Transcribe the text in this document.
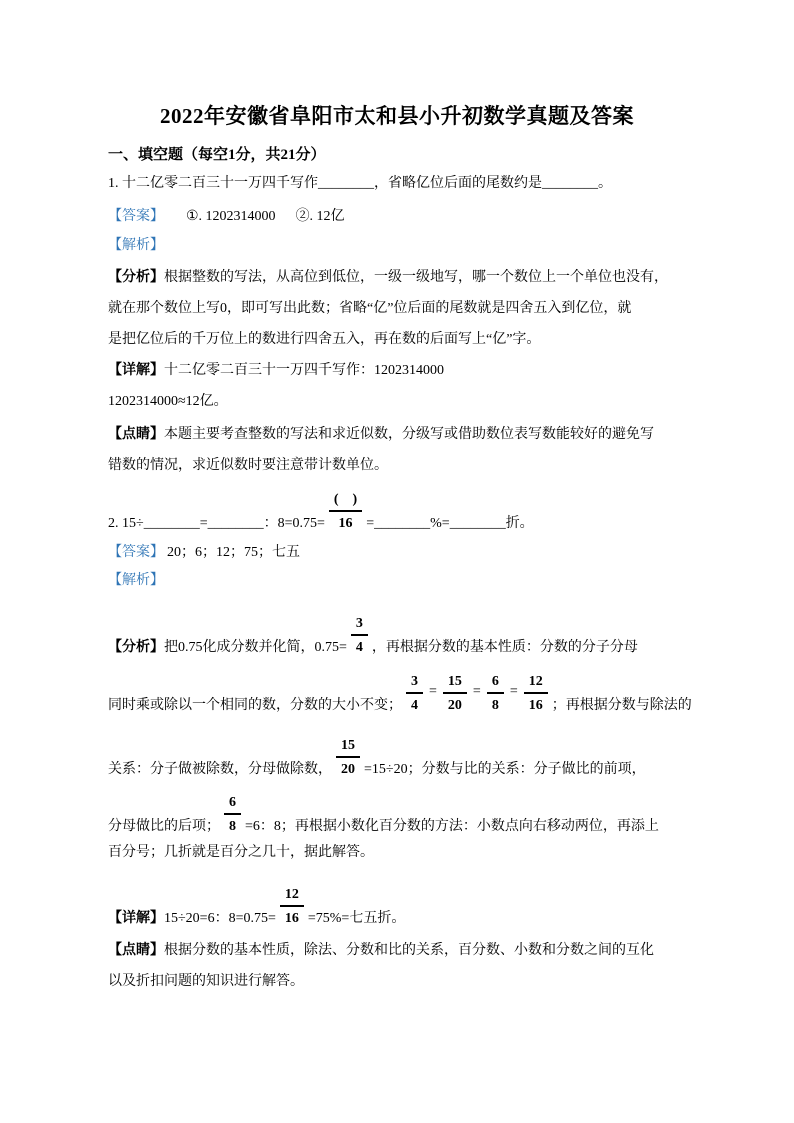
2022年安徽省阜阳市太和县小升初数学真题及答案
一、填空题（每空1分，共21分）
1. 十二亿零二百三十一万四千写作________，省略亿位后面的尾数约是________。
【答案】 ①. 1202314000 ②. 12亿
【解析】
【分析】根据整数的写法，从高位到低位，一级一级地写，哪一个数位上一个单位也没有，
就在那个数位上写0，即可写出此数；省略“亿”位后面的尾数就是四舍五入到亿位，就
是把亿位后的千万位上的数进行四舍五入，再在数的后面写上“亿”字。
【详解】十二亿零二百三十一万四千写作：1202314000
1202314000≈12亿。
【点睛】本题主要考查整数的写法和求近似数，分级写或借助数位表写数能较好的避免写
错数的情况，求近似数时要注意带计数单位。
2. 15÷________=________：$8=0.75= \frac{( )}{16}$ =________%=________折。
【答案】 20；6；12；75；七五
【解析】
【分析】把0.75化成分数并化简，$0.75= \frac{3}{4}$ ，再根据分数的基本性质：分数的分子分母
同时乘或除以一个相同的数，分数的大小不变； $\frac{3}{4} = \frac{15}{20} = \frac{6}{8} = \frac{12}{16}$ ；再根据分数与除法的
关系：分子做被除数，分母做除数， $\frac{15}{20} =15\div 20$；分数与比的关系：分子做比的前项，
分母做比的后项； $\frac{6}{8} =6$：8；再根据小数化百分数的方法：小数点向右移动两位，再添上
百分号；几折就是百分之几十，据此解答。
【详解】15÷20=6：$8=0.75= \frac{12}{16} =75\%=$七五折。
【点睛】根据分数的基本性质，除法、分数和比的关系，百分数、小数和分数之间的互化
以及折扣问题的知识进行解答。
